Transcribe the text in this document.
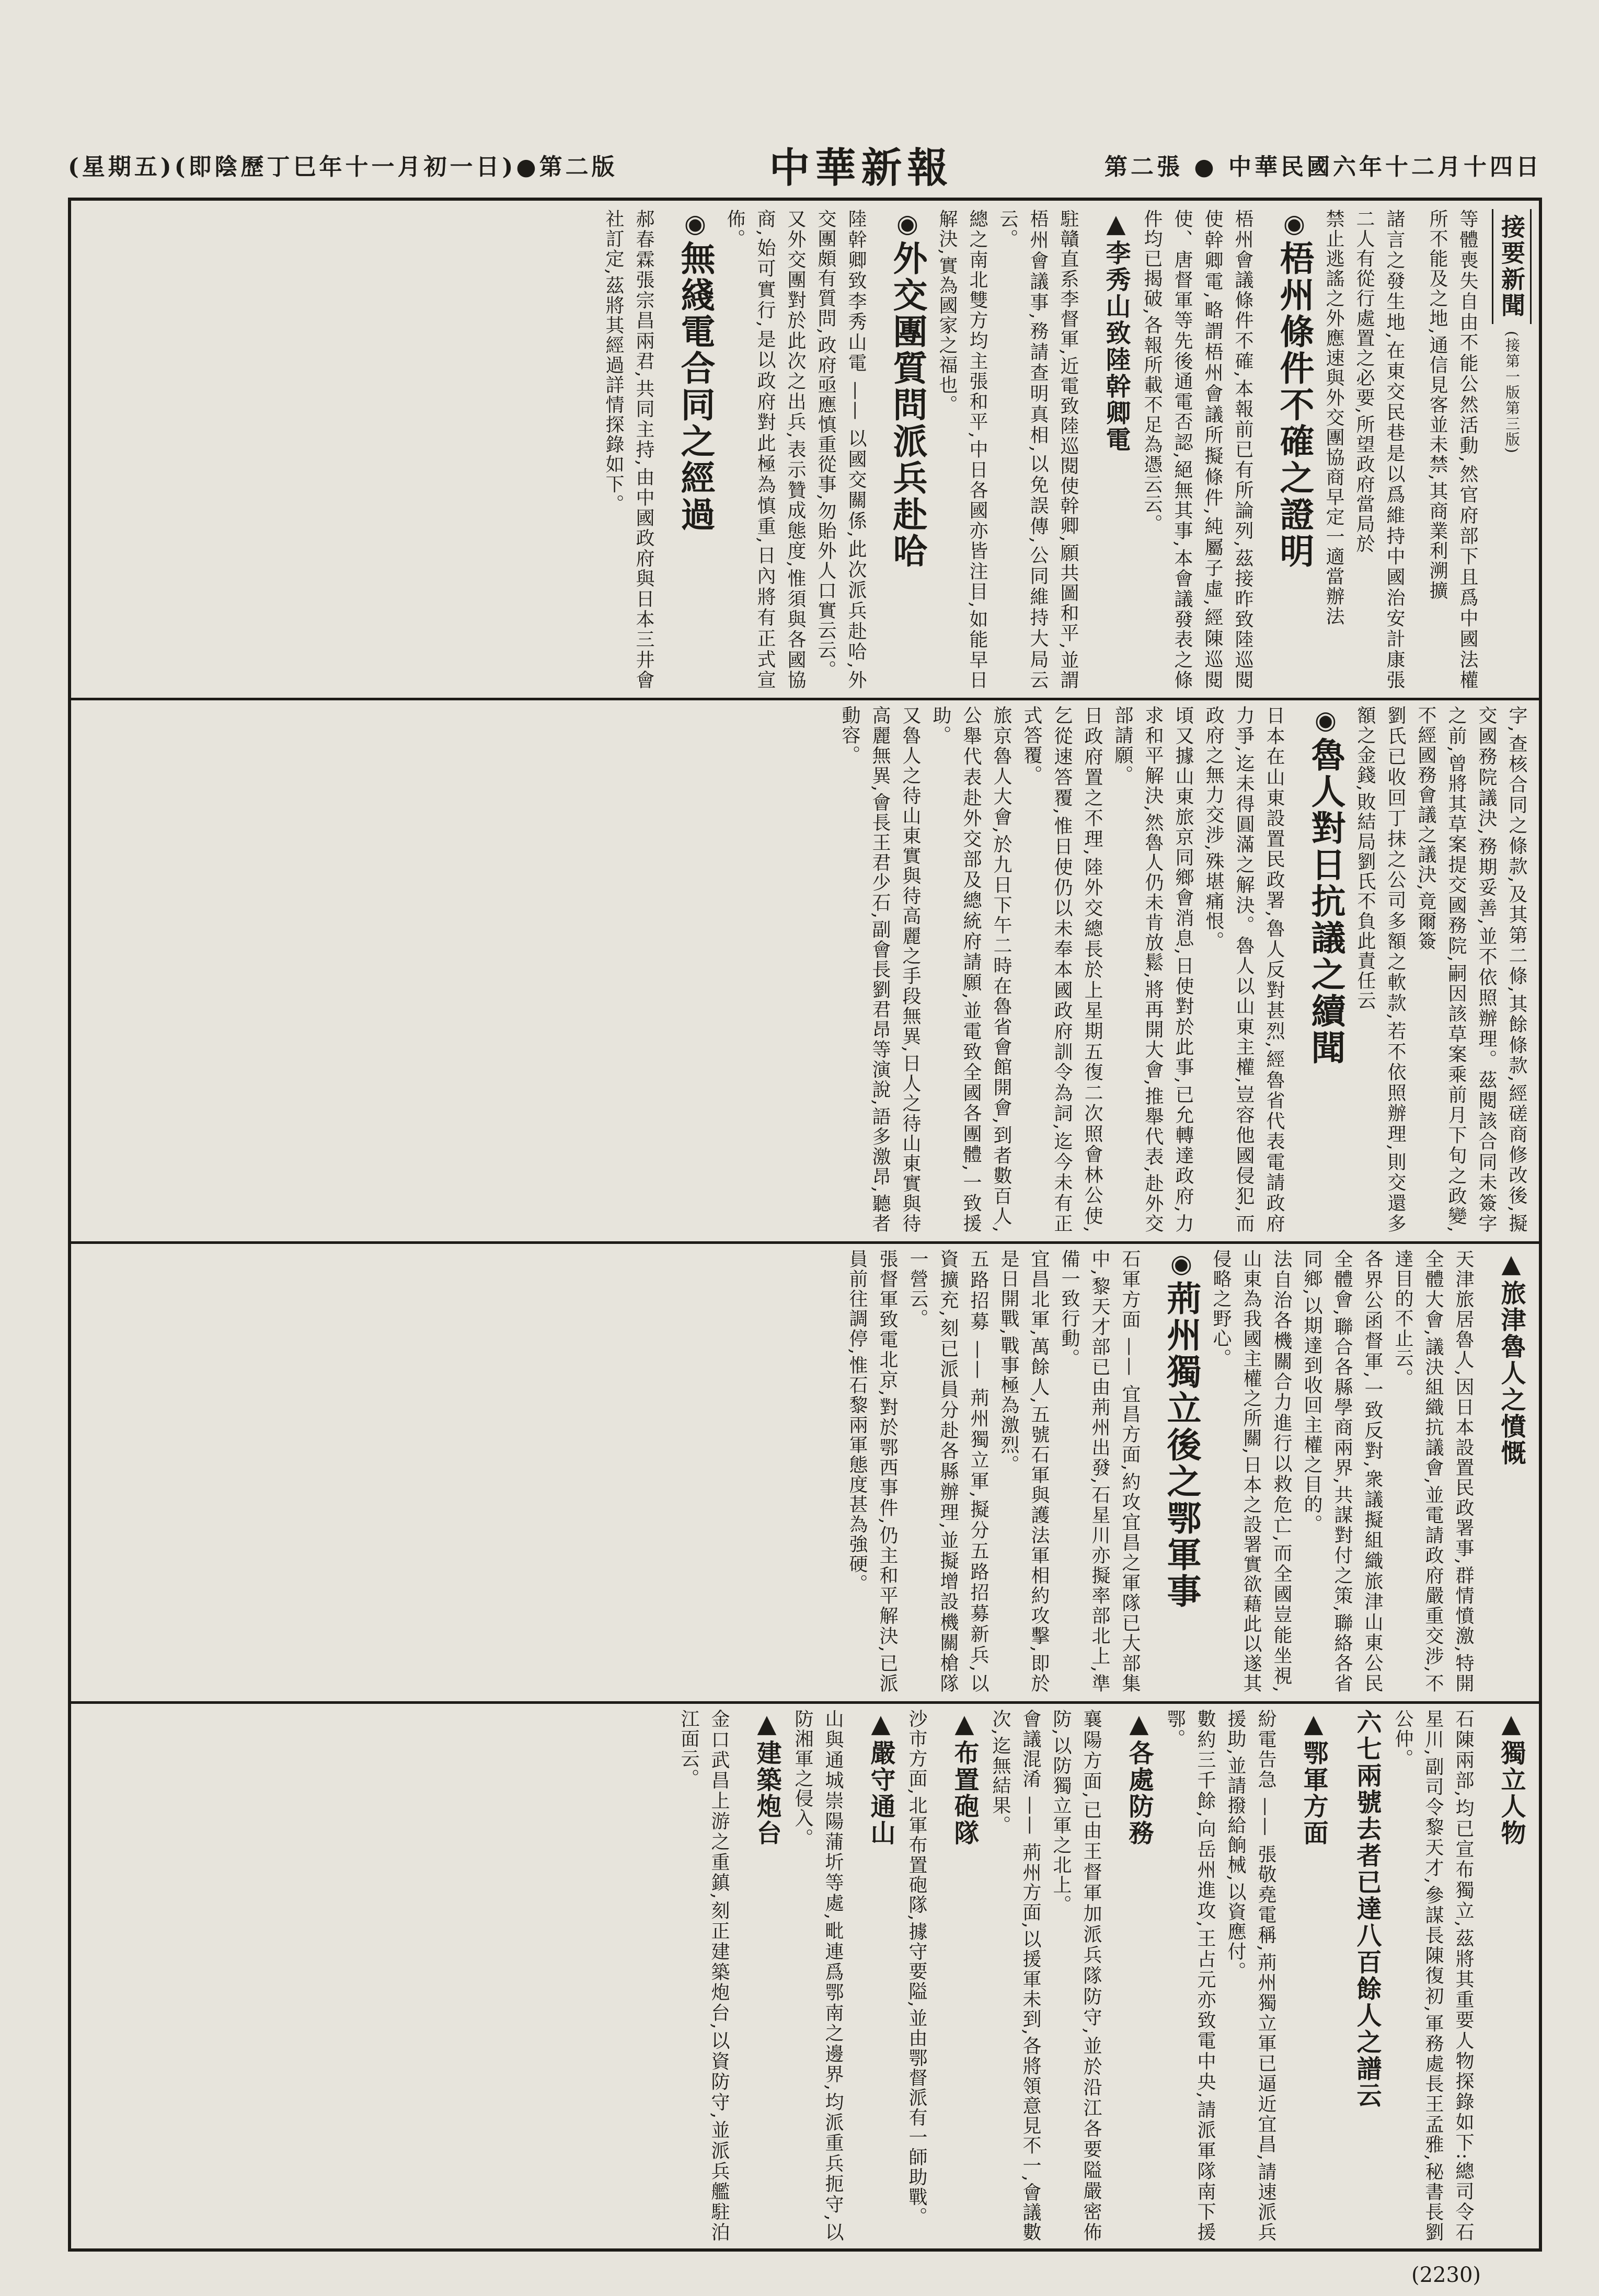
第二張 ● 中華民國六年十二月十四日
中華新報
(星期五)(即陰歷丁巳年十一月初一日)●第二版
接要新聞 (接第一版第三版)
等體喪失自由不能公然活動,然官府部下且爲中國法權所不能及之地,通信見客並未禁,其商業利溯擴
諸言之發生地,在東交民巷是以爲維持中國治安計康張二人有從行處置之必要,所望政府當局於
禁止逃謠之外應速與外交團協商早定一適當辦法
◉梧州條件不確之證明
梧州會議條件不確,本報前已有所論列,茲接昨致陸巡閱使幹卿電,略謂梧州會議所擬條件,純屬子虛,經陳巡閱使、唐督軍等先後通電否認,絕無其事,本會議發表之條件均已揭破,各報所載不足為憑云云。
▲李秀山致陸幹卿電
駐贛直系李督軍,近電致陸巡閱使幹卿,願共圖和平,並謂梧州會議事,務請查明真相,以免誤傳,公同維持大局云云。
總之南北雙方均主張和平,中日各國亦皆注目,如能早日解決,實為國家之福也。
◉外交團質問派兵赴哈
陸幹卿致李秀山電 —— 以國交關係,此次派兵赴哈,外交團頗有質問,政府亟應慎重從事,勿貽外人口實云云。
又外交團對於此次之出兵,表示贊成態度,惟須與各國協商,始可實行,是以政府對此極為慎重,日內將有正式宣佈。
◉無綫電合同之經過
郝春霖張宗昌兩君,共同主持,由中國政府與日本三井會社訂定,茲將其經過詳情探錄如下。
字,查核合同之條款,及其第二條,其餘條款,經磋商修改後,擬交國務院議決,務期妥善,並不依照辦理。茲閱該合同未簽字之前,曾將其草案提交國務院,嗣因該草案乘前月下旬之政變,不經國務會議之議決,竟爾簽
劉氏已收回丁抹之公司多額之軟款,若不依照辦理,則交還多額之金錢,敗結局劉氏不負此責任云
◉魯人對日抗議之續聞
日本在山東設置民政署,魯人反對甚烈,經魯省代表電請政府力爭,迄未得圓滿之解決。魯人以山東主權,豈容他國侵犯,而政府之無力交涉,殊堪痛恨。
頃又據山東旅京同鄉會消息,日使對於此事,已允轉達政府,力求和平解決,然魯人仍未肯放鬆,將再開大會,推舉代表,赴外交部請願。
日政府置之不理,陸外交總長於上星期五復二次照會林公使,乞從速答覆,惟日使仍以未奉本國政府訓令為詞,迄今未有正式答覆。
旅京魯人大會,於九日下午二時在魯省會館開會,到者數百人,公舉代表赴外交部及總統府請願,並電致全國各團體,一致援助。
又魯人之待山東實與待高麗之手段無異,日人之待山東實與待高麗無異,會長王君少石,副會長劉君昂等演說,語多激昂,聽者動容。
▲旅津魯人之憤慨
天津旅居魯人,因日本設置民政署事,群情憤激,特開全體大會,議決組織抗議會,並電請政府嚴重交涉,不達目的不止云。
各界公函督軍,一致反對,衆議擬組織旅津山東公民全體會,聯合各縣學商兩界,共謀對付之策,聯絡各省同鄉,以期達到收回主權之目的。
法自治各機關合力進行以救危亡,而全國豈能坐視,山東為我國主權之所關,日本之設署實欲藉此以遂其侵略之野心。
◉荊州獨立後之鄂軍事
石軍方面 —— 宜昌方面,約攻宜昌之軍隊已大部集中,黎天才部已由荊州出發,石星川亦擬率部北上,準備一致行動。
宜昌北軍,萬餘人,五號石軍與護法軍相約攻擊,即於是日開戰,戰事極為激烈。
五路招募 —— 荊州獨立軍,擬分五路招募新兵,以資擴充,刻已派員分赴各縣辦理,並擬增設機關槍隊一營云。
張督軍致電北京,對於鄂西事件,仍主和平解決,已派員前往調停,惟石黎兩軍態度甚為強硬。
▲獨立人物
石陳兩部,均已宣布獨立,茲將其重要人物探錄如下:總司令石星川,副司令黎天才,參謀長陳復初,軍務處長王孟雅,秘書長劉公仲。
六七兩號去者已達八百餘人之譜云
▲鄂軍方面
紛電告急 —— 張敬堯電稱,荊州獨立軍已逼近宜昌,請速派兵援助,並請撥給餉械,以資應付。
數約三千餘,向岳州進攻,王占元亦致電中央,請派軍隊南下援鄂。
▲各處防務
襄陽方面,已由王督軍加派兵隊防守,並於沿江各要隘嚴密佈防,以防獨立軍之北上。
會議混淆 —— 荊州方面,以援軍未到,各將領意見不一,會議數次,迄無結果。
▲布置砲隊
沙市方面,北軍布置砲隊,據守要隘,並由鄂督派有一師助戰。
▲嚴守通山
山與通城崇陽蒲圻等處,毗連爲鄂南之邊界,均派重兵扼守,以防湘軍之侵入。
▲建築炮台
金口武昌上游之重鎮,刻正建築炮台,以資防守,並派兵艦駐泊江面云。
(2230)
